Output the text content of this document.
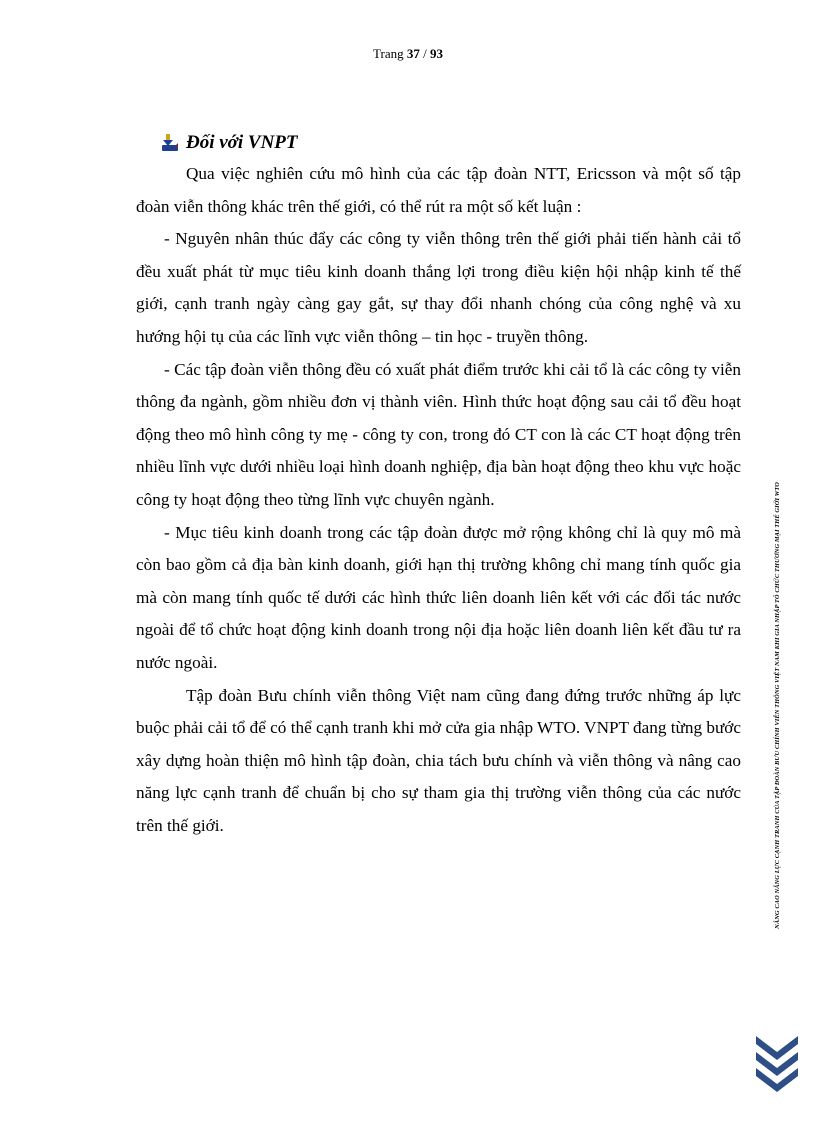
Trang 37 / 93
Đối với VNPT

Qua việc nghiên cứu mô hình của các tập đoàn NTT, Ericsson và một số tập đoàn viễn thông khác trên thế giới, có thể rút ra một số kết luận :

- Nguyên nhân thúc đẩy các công ty viễn thông trên thế giới phải tiến hành cải tổ đều xuất phát từ mục tiêu kinh doanh thắng lợi trong điều kiện hội nhập kinh tế thế giới, cạnh tranh ngày càng gay gắt, sự thay đổi nhanh chóng của công nghệ và xu hướng hội tụ của các lĩnh vực viễn thông – tin học - truyền thông.

- Các tập đoàn viễn thông đều có xuất phát điểm trước khi cải tổ là các công ty viễn thông đa ngành, gồm nhiều đơn vị thành viên. Hình thức hoạt động sau cải tổ đều hoạt động theo mô hình công ty mẹ - công ty con, trong đó CT con là các CT hoạt động trên nhiều lĩnh vực dưới nhiều loại hình doanh nghiệp, địa bàn hoạt động theo khu vực hoặc công ty hoạt động theo từng lĩnh vực chuyên ngành.

- Mục tiêu kinh doanh trong các tập đoàn được mở rộng không chỉ là quy mô mà còn bao gồm cả địa bàn kinh doanh, giới hạn thị trường không chỉ mang tính quốc gia mà còn mang tính quốc tế dưới các hình thức liên doanh liên kết với các đối tác nước ngoài để tổ chức hoạt động kinh doanh trong nội địa hoặc liên doanh liên kết đầu tư ra nước ngoài.

Tập đoàn Bưu chính viễn thông Việt nam cũng đang đứng trước những áp lực buộc phải cải tổ để có thể cạnh tranh khi mở cửa gia nhập WTO. VNPT đang từng bước xây dựng hoàn thiện mô hình tập đoàn, chia tách bưu chính và viễn thông và nâng cao năng lực cạnh tranh để chuẩn bị cho sự tham gia thị trường viễn thông của các nước trên thế giới.	NÂNG CAO NĂNG LỰC CẠNH TRANH CỦA TẬP ĐOÀN BƯU CHÍNH VIỄN THÔNG VIỆT NAM KHI GIA NHẬP TỔ CHỨC THƯƠNG MẠI THẾ GIỚI WTO
